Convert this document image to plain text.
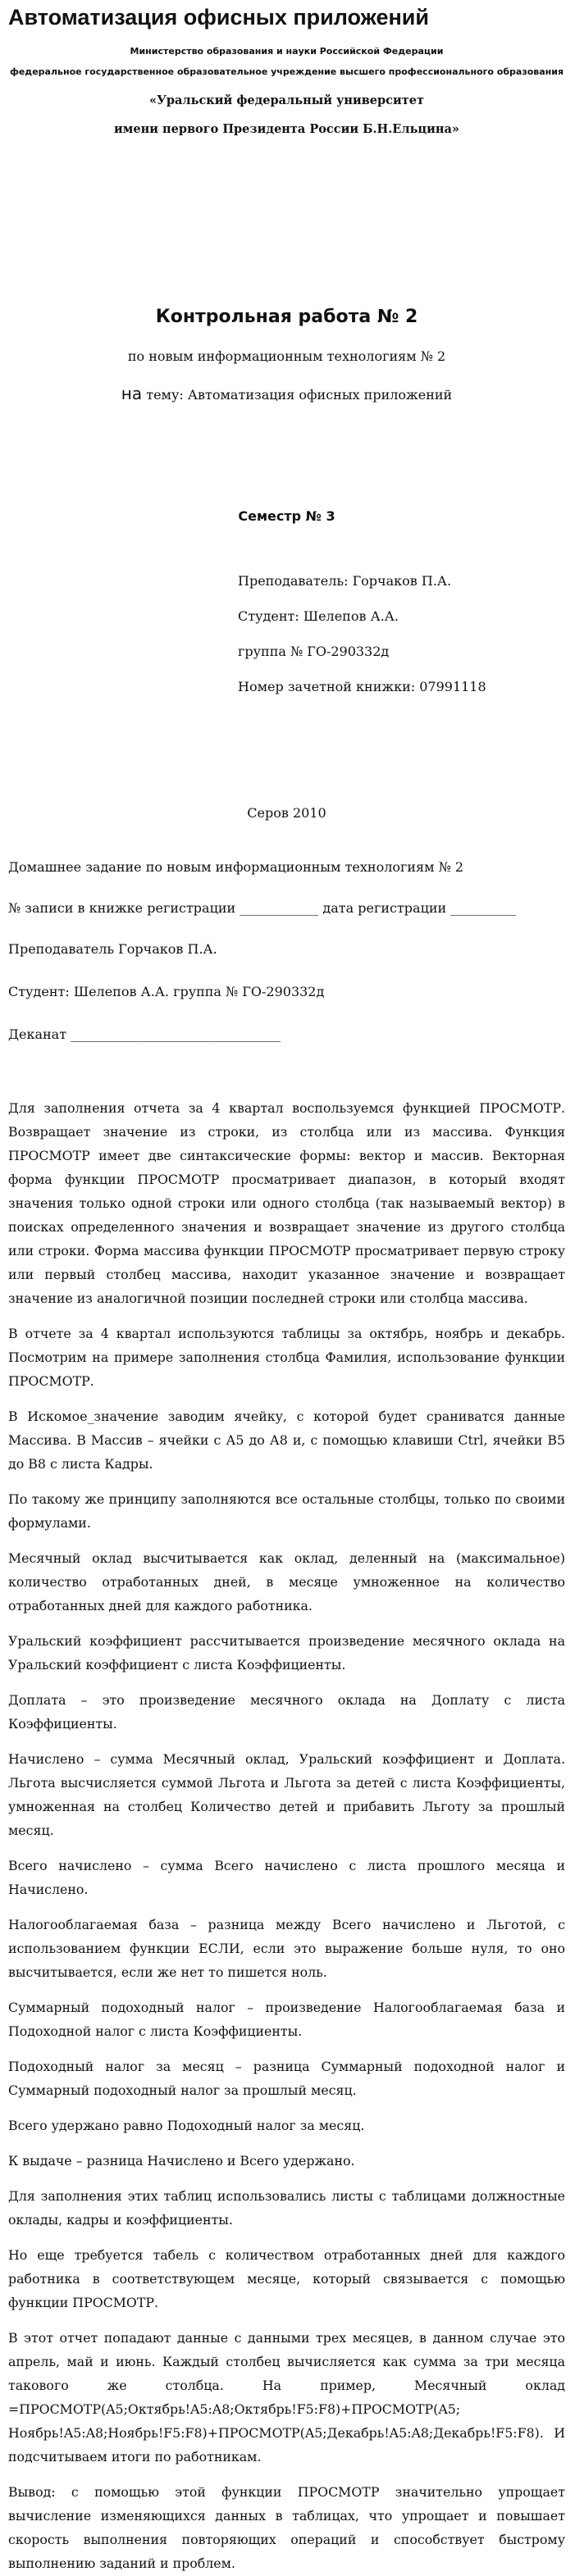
Автоматизация офисных приложений
Министерство образования и науки Российской Федерации
федеральное государственное образовательное учреждение высшего профессионального образования
«Уральский федеральный университет
имени первого Президента России Б.Н.Ельцина»
Контрольная работа № 2
по новым информационным технологиям № 2
на тему: Автоматизация офисных приложений
Семестр № 3

Преподаватель: Горчаков П.А.

Студент: Шелепов А.А.

группа № ГО-290332д

Номер зачетной книжки: 07991118

Серов 2010

Домашнее задание по новым информационным технологиям № 2

№ записи в книжке регистрации ____________ дата регистрации __________

Преподаватель Горчаков П.А.

Студент: Шелепов А.А. группа № ГО-290332д

Деканат ________________________________

Для заполнения отчета за 4 квартал воспользуемся функцией ПРОСМОТР. Возвращает значение из строки, из столбца или из массива. Функция ПРОСМОТР имеет две синтаксические формы: вектор и массив. Векторная форма функции ПРОСМОТР просматривает диапазон, в который входят значения только одной строки или одного столбца (так называемый вектор) в поисках определенного значения и возвращает значение из другого столбца или строки. Форма массива функции ПРОСМОТР просматривает первую строку или первый столбец массива, находит указанное значение и возвращает значение из аналогичной позиции последней строки или столбца массива.

В отчете за 4 квартал используются таблицы за октябрь, ноябрь и декабрь. Посмотрим на примере заполнения столбца Фамилия, использование функции ПРОСМОТР.

В Искомое_значение заводим ячейку, с которой будет сраниватся данные Массива. В Массив – ячейки с А5 до А8 и, с помощью клавиши Ctrl, ячейки В5 до В8 с листа Кадры.

По такому же принципу заполняются все остальные столбцы, только по своими формулами.

Месячный оклад высчитывается как оклад, деленный на (максимальное) количество отработанных дней, в месяце умноженное на количество отработанных дней для каждого работника.

Уральский коэффициент рассчитывается произведение месячного оклада на Уральский коэффициент с листа Коэффициенты.

Доплата – это произведение месячного оклада на Доплату с листа Коэффициенты.

Начислено – сумма Месячный оклад, Уральский коэффициент и Доплата. Льгота высчисляется суммой Льгота и Льгота за детей с листа Коэффициенты, умноженная на столбец Количество детей и прибавить Льготу за прошлый месяц.

Всего начислено – сумма Всего начислено с листа прошлого месяца и Начислено.

Налогооблагаемая база – разница между Всего начислено и Льготой, с использованием функции ЕСЛИ, если это выражение больше нуля, то оно высчитывается, если же нет то пишется ноль.

Суммарный подоходный налог – произведение Налогооблагаемая база и Подоходной налог с листа Коэффициенты.

Подоходный налог за месяц – разница Суммарный подоходной налог и Суммарный подоходный налог за прошлый месяц.

Всего удержано равно Подоходный налог за месяц.

К выдаче – разница Начислено и Всего удержано.

Для заполнения этих таблиц использовались листы с таблицами должностные оклады, кадры и коэффициенты.

Но еще требуется табель с количеством отработанных дней для каждого работника в соответствующем месяце, который связывается с помощью функции ПРОСМОТР.

В этот отчет попадают данные с данными трех месяцев, в данном случае это апрель, май и июнь. Каждый столбец вычисляется как сумма за три месяца такового же столбца. На пример, Месячный оклад =ПРОСМОТР(A5;Октябрь!A5:A8;Октябрь!F5:F8)+ПРОСМОТР(A5; Ноябрь!A5:A8;Ноябрь!F5:F8)+ПРОСМОТР(A5;Декабрь!A5:A8;Декабрь!F5:F8). И подсчитываем итоги по работникам.

Вывод: с помощью этой функции ПРОСМОТР значительно упрощает вычисление изменяющихся данных в таблицах, что упрощает и повышает скорость выполнения повторяющих операций и способствует быстрому выполнению заданий и проблем.
